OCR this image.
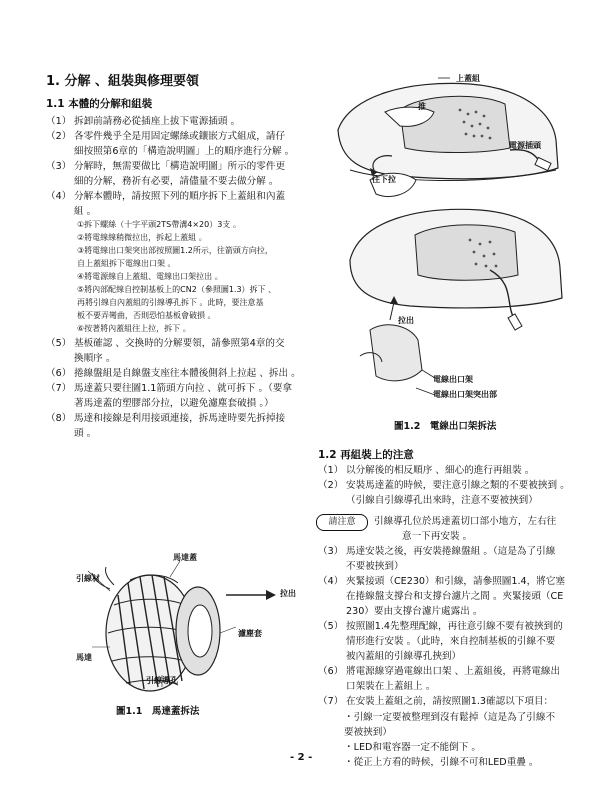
1. 分解 、組裝與修理要領
1.1 本體的分解和組裝
（1） 拆卸前請務必從插座上拔下電源插頭 。
（2） 各零件幾乎全是用固定螺絲或鑲嵌方式組成，請仔
細按照第6章的「構造說明圖」上的順序進行分解 。
（3） 分解時，無需要做比「構造說明圖」所示的零件更
細的分解，務祈有必要，請儘量不要去做分解 。
（4） 分解本體時，請按照下列的順序拆下上蓋組和內蓋
組 。
①拆下螺絲（十字平頭2TS帶溝4×20）3支 。
②將電線線稍微拉出，拆起上蓋組 。
③將電線出口架突出部按照圖1.2所示，往箭頭方向拉，
自上蓋組拆下電線出口架 。
④將電源線自上蓋組、電線出口架拉出 。
⑤將內部配線自控制基板上的CN2（參照圖1.3）拆下 、
再將引線自內蓋組的引線導孔拆下 。此時，要注意基
板不要弄彎曲，否則恐怕基板會破損 。
⑥按著將內蓋組往上拉，拆下 。
（5） 基板確認 、交換時的分解要領，請參照第4章的交
換順序 。
（6） 捲線盤組是自線盤支座往本體後側斜上拉起 、拆出 。
（7） 馬達蓋只要往圖1.1箭頭方向拉 、就可拆下 。（要拿
著馬達蓋的塑膠部分拉，以避免濾塵套破損 。）
（8） 馬達和接線是利用接頭連接，拆馬達時要先拆掉接
頭 。
上蓋組
推
電源插頭
往下拉
拉出
電線出口架
電線出口架突出部
圖1.2　電線出口架拆法
1.2 再組裝上的注意
（1） 以分解後的相反順序 、細心的進行再組裝 。
（2） 安裝馬達蓋的時候，要注意引線之類的不要被挾到 。
（引線自引線導孔出來時，注意不要被挾到）
請注意	引線導孔位於馬達蓋切口部小地方，左右往
意一下再安裝 。
（3） 馬達安裝之後，再安裝捲線盤組 。（這是為了引線
不要被挾到）
（4） 夾緊接頭（CE230）和引線，請參照圖1.4，將它塞
在捲線盤支撐台和支撐台濾片之間 。夾緊接頭（CE
230）要由支撐台濾片處露出 。
（5） 按照圖1.4先整理配線，再往意引線不要有被挾到的
情形進行安裝 。（此時，來自控制基板的引線不要
被內蓋組的引線導孔挾到）
（6） 將電源線穿過電線出口架 、上蓋組後，再將電線出
口架裝在上蓋組上 。
（7） 在安裝上蓋組之前，請按照圖1.3確認以下項目：
・引線一定要被整理到沒有鬆掉（這是為了引線不
要被挾到）
・LED和電容器一定不能倒下 。
・從正上方看的時候，引線不可和LED重疊 。
馬達蓋
引線材
拉出
濾塵套
馬達
引線導孔
圖1.1　馬達蓋拆法
- 2 -
